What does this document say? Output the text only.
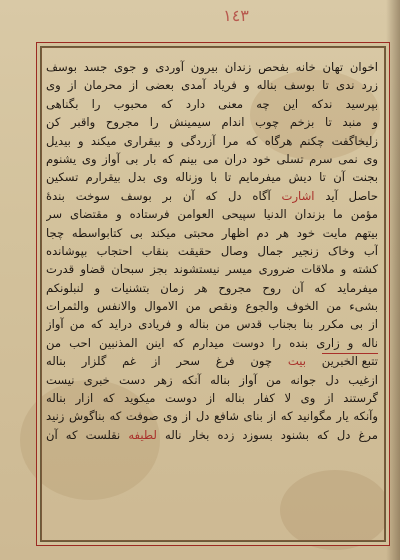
١٤٣
اخوان تهان خانه بفحص زندان بیرون آوردی و جوی جسد بوسف
زرد ندی تا بوسف بناله و فریاد آمدی بعضی از محرمان از وی
بپرسید ندکه این چه معنی دارد که محبوب را بگناهی
و منبد تا بزخم چوب اندام سیمینش را مجروح واقبر کن
زلیخاگفت چکنم هرگاه که مرا آزردگی و بیقراری میکند و بیدیل
وی نمی سرم تسلی خود دران می بینم که بار بی آواز وی یشنوم
بجنت آن تا دیش میفرمایم تا با وزناله وی بدل بیقرارم تسکین
حاصل آید اشارت آگاه دل که آن بر بوسف سوخت بندۀ
مؤمن ما بزندان الدنیا سپیحی العوامن فرستاده و مقتضای سر
بیتهم مایت خود هر دم اظهار محبتی میکند بی کتابواسطه چجا
آب وخاک زنجیر جمال وصال حقیقت بنقاب احتجاب بپوشانده
کشته و ملاقات ضروری میسر نیستشوند بجز سبحان قضاو قدرت
میفرماید که آن روح مجروح هر زمان بتشنیات و لنبلونکم
بشیء من الخوف والجوع ونقص من الاموال والانفس والثمرات
از بی مکرر بنا بجناب قدس من بناله و فریادی دراید که من آواز
ناله و زاری بنده را دوست میدارم که اینن المذنبین احب من
تتبع الخبرین بیت چون فرغ سحر از غم گلزار بناله
ازغیب دل جوانه من آواز بناله آنکه زهر دست خبری نیست
گرستند از وی لا کفار بناله از دوست میکوید که ازار بناله
وآنکه یار مگوانید که از بنای شافع دل از وی صوفت که بناگوش زنید
مرغ دل که بشنود بسوزد زده بخار ناله لطیفه نقلست که آن
